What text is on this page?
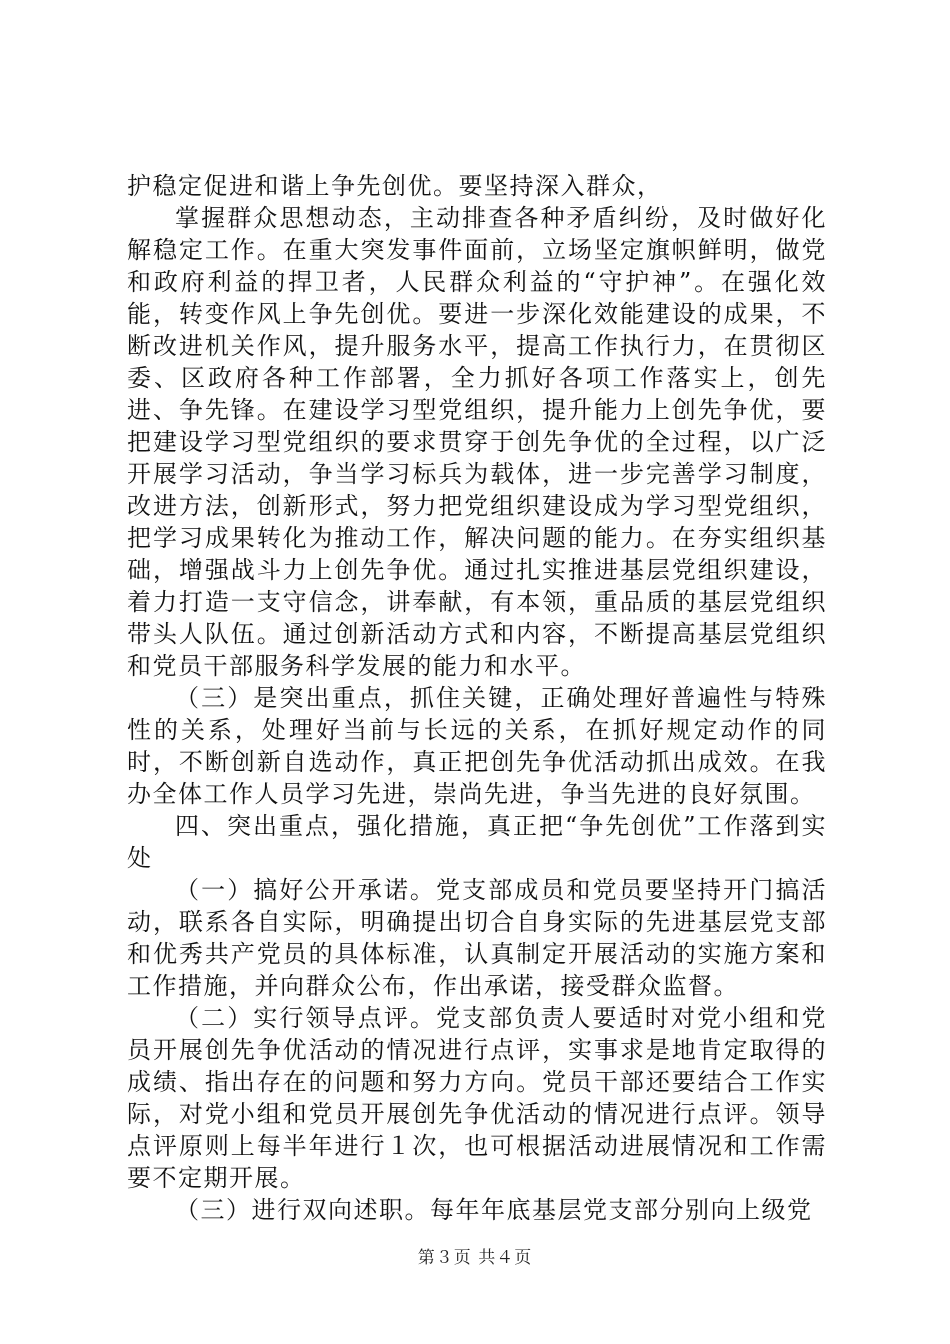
护稳定促进和谐上争先创优。要坚持深入群众，

掌握群众思想动态，主动排查各种矛盾纠纷，及时做好化解稳定工作。在重大突发事件面前，立场坚定旗帜鲜明，做党和政府利益的捍卫者，人民群众利益的“守护神”。在强化效能，转变作风上争先创优。要进一步深化效能建设的成果，不断改进机关作风，提升服务水平，提高工作执行力，在贯彻区委、区政府各种工作部署，全力抓好各项工作落实上，创先进、争先锋。在建设学习型党组织，提升能力上创先争优，要把建设学习型党组织的要求贯穿于创先争优的全过程，以广泛开展学习活动，争当学习标兵为载体，进一步完善学习制度，改进方法，创新形式，努力把党组织建设成为学习型党组织，把学习成果转化为推动工作，解决问题的能力。在夯实组织基础，增强战斗力上创先争优。通过扎实推进基层党组织建设，着力打造一支守信念，讲奉献，有本领，重品质的基层党组织带头人队伍。通过创新活动方式和内容，不断提高基层党组织和党员干部服务科学发展的能力和水平。

（三）是突出重点，抓住关键，正确处理好普遍性与特殊性的关系，处理好当前与长远的关系，在抓好规定动作的同时，不断创新自选动作，真正把创先争优活动抓出成效。在我办全体工作人员学习先进，崇尚先进，争当先进的良好氛围。

四、突出重点，强化措施，真正把“争先创优”工作落到实处

（一）搞好公开承诺。党支部成员和党员要坚持开门搞活动，联系各自实际，明确提出切合自身实际的先进基层党支部和优秀共产党员的具体标准，认真制定开展活动的实施方案和工作措施，并向群众公布，作出承诺，接受群众监督。

（二）实行领导点评。党支部负责人要适时对党小组和党员开展创先争优活动的情况进行点评，实事求是地肯定取得的成绩、指出存在的问题和努力方向。党员干部还要结合工作实际，对党小组和党员开展创先争优活动的情况进行点评。领导点评原则上每半年进行１次，也可根据活动进展情况和工作需要不定期开展。

（三）进行双向述职。每年年底基层党支部分别向上级党

第３页 共４页
